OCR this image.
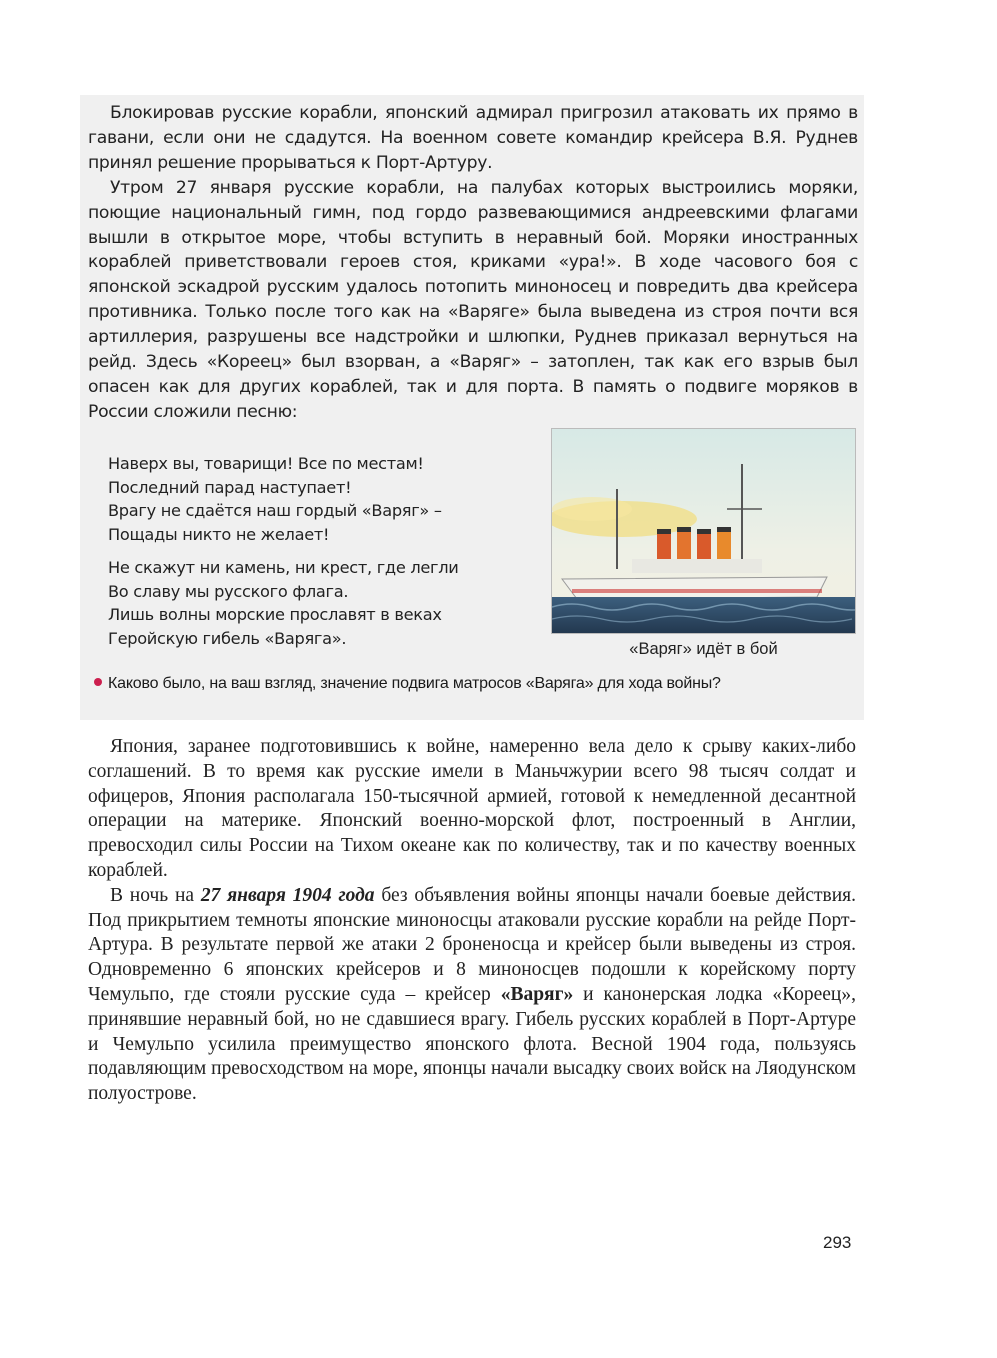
Блокировав русские корабли, японский адмирал пригрозил атаковать их прямо в гавани, если они не сдадутся. На военном совете командир крейсера В.Я. Руднев принял решение прорываться к Порт-Артуру.

Утром 27 января русские корабли, на палубах которых выстроились моряки, поющие национальный гимн, под гордо развевающимися андреевскими флагами вышли в открытое море, чтобы вступить в неравный бой. Моряки иностранных кораблей приветствовали героев стоя, криками «ура!». В ходе часового боя с японской эскадрой русским удалось потопить миноносец и повредить два крейсера противника. Только после того как на «Варяге» была выведена из строя почти вся артиллерия, разрушены все надстройки и шлюпки, Руднев приказал вернуться на рейд. Здесь «Кореец» был взорван, а «Варяг» – затоплен, так как его взрыв был опасен как для других кораблей, так и для порта. В память о подвиге моряков в России сложили песню:

Наверх вы, товарищи! Все по местам!
Последний парад наступает!
Врагу не сдаётся наш гордый «Варяг» –
Пощады никто не желает!
Не скажут ни камень, ни крест, где легли
Во славу мы русского флага.
Лишь волны морские прославят в веках
Геройскую гибель «Варяга».
«Варяг» идёт в бой
Каково было, на ваш взгляд, значение подвига матросов «Варяга» для хода войны?

Япония, заранее подготовившись к войне, намеренно вела дело к срыву каких-либо соглашений. В то время как русские имели в Маньчжурии всего 98 тысяч солдат и офицеров, Япония располагала 150-тысячной армией, готовой к немедленной десантной операции на материке. Японский военно-морской флот, построенный в Англии, превосходил силы России на Тихом океане как по количеству, так и по качеству военных кораблей.

В ночь на 27 января 1904 года без объявления войны японцы начали боевые действия. Под прикрытием темноты японские миноносцы атаковали русские корабли на рейде Порт-Артура. В результате первой же атаки 2 броненосца и крейсер были выведены из строя. Одновременно 6 японских крейсеров и 8 миноносцев подошли к корейскому порту Чемульпо, где стояли русские суда – крейсер «Варяг» и канонерская лодка «Кореец», принявшие неравный бой, но не сдавшиеся врагу. Гибель русских кораблей в Порт-Артуре и Чемульпо усилила преимущество японского флота. Весной 1904 года, пользуясь подавляющим превосходством на море, японцы начали высадку своих войск на Ляодунском полуострове.

293
